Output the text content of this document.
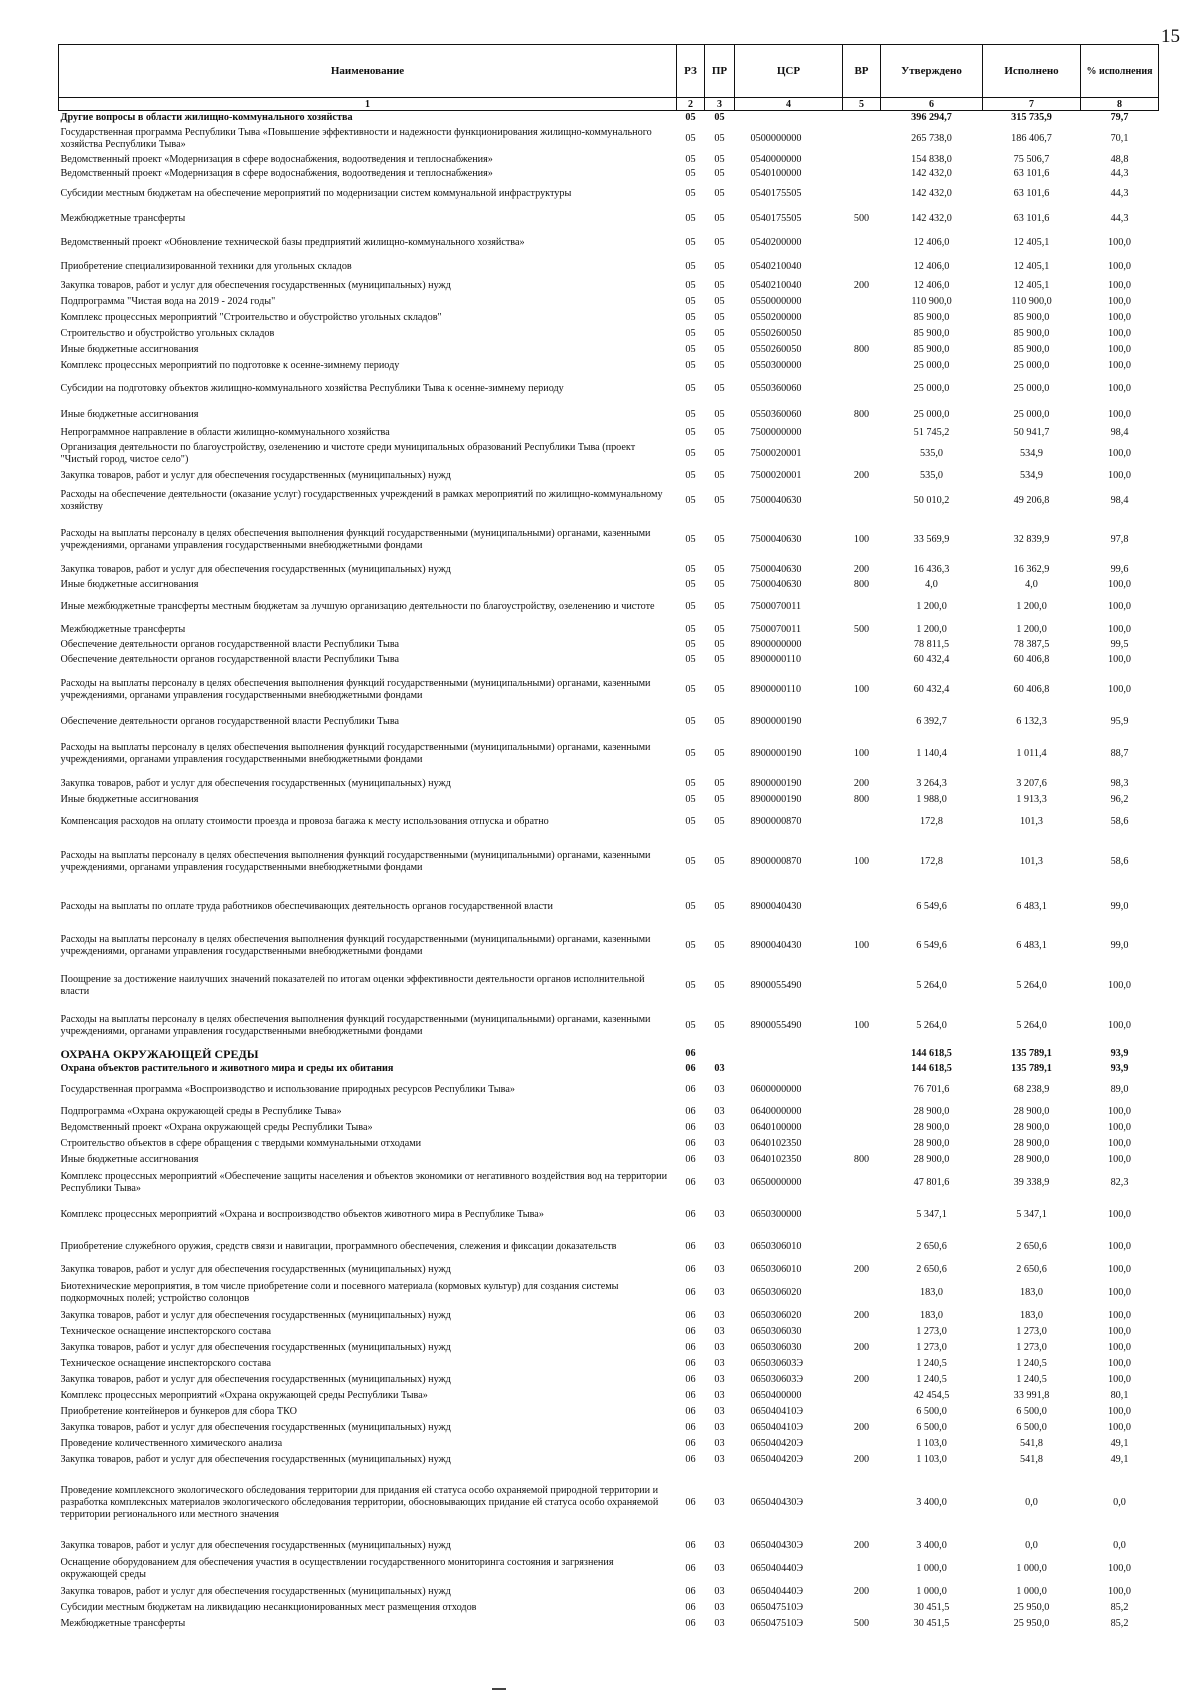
15
Наименование	РЗ	ПР	ЦСР	ВР	Утверждено	Исполнено	% исполнения
1	2	3	4	5	6	7	8
Другие вопросы в области жилищно-коммунального хозяйства	05	05			396 294,7	315 735,9	79,7
Государственная программа Республики Тыва «Повышение эффективности и надежности функционирования жилищно-коммунального хозяйства Республики Тыва»	05	05	0500000000		265 738,0	186 406,7	70,1
Ведомственный проект «Модернизация в сфере водоснабжения, водоотведения и теплоснабжения»	05	05	0540000000		154 838,0	75 506,7	48,8
Ведомственный проект «Модернизация в сфере водоснабжения, водоотведения и теплоснабжения»	05	05	0540100000		142 432,0	63 101,6	44,3
Субсидии местным бюджетам на обеспечение мероприятий по модернизации систем коммунальной инфраструктуры	05	05	0540175505		142 432,0	63 101,6	44,3
Межбюджетные трансферты	05	05	0540175505	500	142 432,0	63 101,6	44,3
Ведомственный проект «Обновление технической базы предприятий жилищно-коммунального хозяйства»	05	05	0540200000		12 406,0	12 405,1	100,0
Приобретение специализированной техники для угольных складов	05	05	0540210040		12 406,0	12 405,1	100,0
Закупка товаров, работ и услуг для обеспечения государственных (муниципальных) нужд	05	05	0540210040	200	12 406,0	12 405,1	100,0
Подпрограмма "Чистая вода на 2019 - 2024 годы"	05	05	0550000000		110 900,0	110 900,0	100,0
Комплекс процессных мероприятий "Строительство и обустройство угольных складов"	05	05	0550200000		85 900,0	85 900,0	100,0
Строительство и обустройство угольных складов	05	05	0550260050		85 900,0	85 900,0	100,0
Иные бюджетные ассигнования	05	05	0550260050	800	85 900,0	85 900,0	100,0
Комплекс процессных мероприятий по подготовке к осенне-зимнему периоду	05	05	0550300000		25 000,0	25 000,0	100,0
Субсидии на подготовку объектов жилищно-коммунального хозяйства Республики Тыва к осенне-зимнему периоду	05	05	0550360060		25 000,0	25 000,0	100,0
Иные бюджетные ассигнования	05	05	0550360060	800	25 000,0	25 000,0	100,0
Непрограммное направление в области жилищно-коммунального хозяйства	05	05	7500000000		51 745,2	50 941,7	98,4
Организация деятельности по благоустройству, озеленению и чистоте среди муниципальных образований Республики Тыва (проект "Чистый город, чистое село")	05	05	7500020001		535,0	534,9	100,0
Закупка товаров, работ и услуг для обеспечения государственных (муниципальных) нужд	05	05	7500020001	200	535,0	534,9	100,0
Расходы на обеспечение деятельности (оказание услуг) государственных учреждений в рамках мероприятий по жилищно-коммунальному хозяйству	05	05	7500040630		50 010,2	49 206,8	98,4
Расходы на выплаты персоналу в целях обеспечения выполнения функций государственными (муниципальными) органами, казенными учреждениями, органами управления государственными внебюджетными фондами	05	05	7500040630	100	33 569,9	32 839,9	97,8
Закупка товаров, работ и услуг для обеспечения государственных (муниципальных) нужд	05	05	7500040630	200	16 436,3	16 362,9	99,6
Иные бюджетные ассигнования	05	05	7500040630	800	4,0	4,0	100,0
Иные межбюджетные трансферты местным бюджетам за лучшую организацию деятельности по благоустройству, озеленению и чистоте	05	05	7500070011		1 200,0	1 200,0	100,0
Межбюджетные трансферты	05	05	7500070011	500	1 200,0	1 200,0	100,0
Обеспечение деятельности органов государственной власти Республики Тыва	05	05	8900000000		78 811,5	78 387,5	99,5
Обеспечение деятельности органов государственной власти Республики Тыва	05	05	8900000110		60 432,4	60 406,8	100,0
Расходы на выплаты персоналу в целях обеспечения выполнения функций государственными (муниципальными) органами, казенными учреждениями, органами управления государственными внебюджетными фондами	05	05	8900000110	100	60 432,4	60 406,8	100,0
Обеспечение деятельности органов государственной власти Республики Тыва	05	05	8900000190		6 392,7	6 132,3	95,9
Расходы на выплаты персоналу в целях обеспечения выполнения функций государственными (муниципальными) органами, казенными учреждениями, органами управления государственными внебюджетными фондами	05	05	8900000190	100	1 140,4	1 011,4	88,7
Закупка товаров, работ и услуг для обеспечения государственных (муниципальных) нужд	05	05	8900000190	200	3 264,3	3 207,6	98,3
Иные бюджетные ассигнования	05	05	8900000190	800	1 988,0	1 913,3	96,2
Компенсация расходов на оплату стоимости проезда и провоза багажа к месту использования отпуска и обратно	05	05	8900000870		172,8	101,3	58,6
Расходы на выплаты персоналу в целях обеспечения выполнения функций государственными (муниципальными) органами, казенными учреждениями, органами управления государственными внебюджетными фондами	05	05	8900000870	100	172,8	101,3	58,6
Расходы на выплаты по оплате труда работников обеспечивающих деятельность органов государственной власти	05	05	8900040430		6 549,6	6 483,1	99,0
Расходы на выплаты персоналу в целях обеспечения выполнения функций государственными (муниципальными) органами, казенными учреждениями, органами управления государственными внебюджетными фондами	05	05	8900040430	100	6 549,6	6 483,1	99,0
Поощрение за достижение наилучших значений показателей по итогам оценки эффективности деятельности органов исполнительной власти	05	05	8900055490		5 264,0	5 264,0	100,0
Расходы на выплаты персоналу в целях обеспечения выполнения функций государственными (муниципальными) органами, казенными учреждениями, органами управления государственными внебюджетными фондами	05	05	8900055490	100	5 264,0	5 264,0	100,0
ОХРАНА ОКРУЖАЮЩЕЙ СРЕДЫ	06				144 618,5	135 789,1	93,9
Охрана объектов растительного и животного мира и среды их обитания	06	03			144 618,5	135 789,1	93,9
Государственная программа «Воспроизводство и использование природных ресурсов Республики Тыва»	06	03	0600000000		76 701,6	68 238,9	89,0
Подпрограмма «Охрана окружающей среды в Республике Тыва»	06	03	0640000000		28 900,0	28 900,0	100,0
Ведомственный проект «Охрана окружающей среды Республики Тыва»	06	03	0640100000		28 900,0	28 900,0	100,0
Строительство объектов в сфере обращения с твердыми коммунальными отходами	06	03	0640102350		28 900,0	28 900,0	100,0
Иные бюджетные ассигнования	06	03	0640102350	800	28 900,0	28 900,0	100,0
Комплекс процессных мероприятий «Обеспечение защиты населения и объектов экономики от негативного воздействия вод на территории Республики Тыва»	06	03	0650000000		47 801,6	39 338,9	82,3
Комплекс процессных мероприятий «Охрана и воспроизводство объектов животного мира в Республике Тыва»	06	03	0650300000		5 347,1	5 347,1	100,0
Приобретение служебного оружия, средств связи и навигации, программного обеспечения, слежения и фиксации доказательств	06	03	0650306010		2 650,6	2 650,6	100,0
Закупка товаров, работ и услуг для обеспечения государственных (муниципальных) нужд	06	03	0650306010	200	2 650,6	2 650,6	100,0
Биотехнические мероприятия, в том числе приобретение соли и посевного материала (кормовых культур) для создания системы подкормочных полей; устройство солонцов	06	03	0650306020		183,0	183,0	100,0
Закупка товаров, работ и услуг для обеспечения государственных (муниципальных) нужд	06	03	0650306020	200	183,0	183,0	100,0
Техническое оснащение инспекторского состава	06	03	0650306030		1 273,0	1 273,0	100,0
Закупка товаров, работ и услуг для обеспечения государственных (муниципальных) нужд	06	03	0650306030	200	1 273,0	1 273,0	100,0
Техническое оснащение инспекторского состава	06	03	065030603Э		1 240,5	1 240,5	100,0
Закупка товаров, работ и услуг для обеспечения государственных (муниципальных) нужд	06	03	065030603Э	200	1 240,5	1 240,5	100,0
Комплекс процессных мероприятий «Охрана окружающей среды Республики Тыва»	06	03	0650400000		42 454,5	33 991,8	80,1
Приобретение контейнеров и бункеров для сбора ТКО	06	03	065040410Э		6 500,0	6 500,0	100,0
Закупка товаров, работ и услуг для обеспечения государственных (муниципальных) нужд	06	03	065040410Э	200	6 500,0	6 500,0	100,0
Проведение количественного химического анализа	06	03	065040420Э		1 103,0	541,8	49,1
Закупка товаров, работ и услуг для обеспечения государственных (муниципальных) нужд	06	03	065040420Э	200	1 103,0	541,8	49,1
Проведение комплексного экологического обследования территории для придания ей статуса особо охраняемой природной территории и разработка комплексных материалов экологического обследования территории, обосновывающих придание ей статуса особо охраняемой территории регионального или местного значения	06	03	065040430Э		3 400,0	0,0	0,0
Закупка товаров, работ и услуг для обеспечения государственных (муниципальных) нужд	06	03	065040430Э	200	3 400,0	0,0	0,0
Оснащение оборудованием для обеспечения участия в осуществлении государственного мониторинга состояния и загрязнения окружающей среды	06	03	065040440Э		1 000,0	1 000,0	100,0
Закупка товаров, работ и услуг для обеспечения государственных (муниципальных) нужд	06	03	065040440Э	200	1 000,0	1 000,0	100,0
Субсидии местным бюджетам на ликвидацию несанкционированных мест размещения отходов	06	03	065047510Э		30 451,5	25 950,0	85,2
Межбюджетные трансферты	06	03	065047510Э	500	30 451,5	25 950,0	85,2
